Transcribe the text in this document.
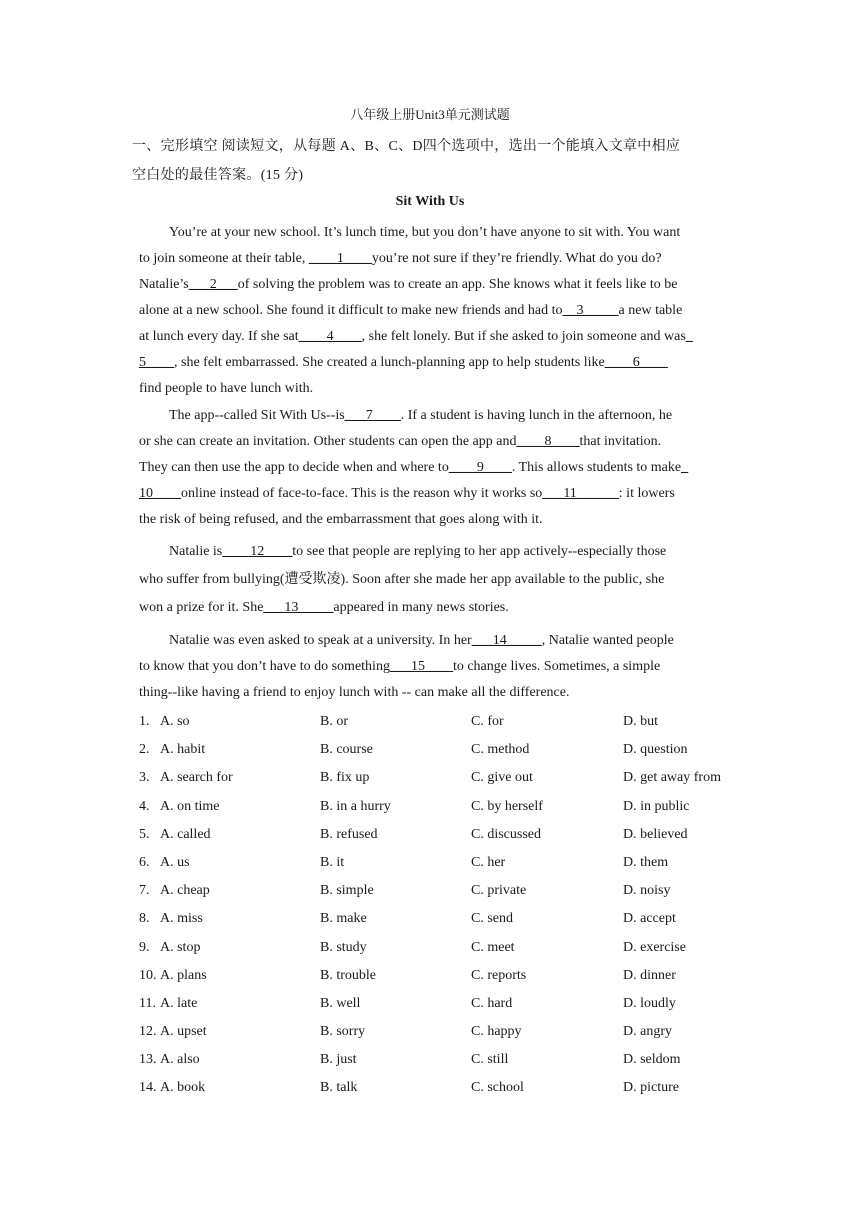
八年级上册Unit3单元测试题
一、完形填空 阅读短文，从每题 A、B、C、D四个选项中，选出一个能填入文章中相应
空白处的最佳答案。(15 分)
Sit With Us
You’re at your new school. It’s lunch time, but you don’t have anyone to sit with. You want
to join someone at their table, ____1____you’re not sure if they’re friendly. What do you do?
Natalie’s___2___of solving the problem was to create an app. She knows what it feels like to be
alone at a new school. She found it difficult to make new friends and had to__3_____a new table
at lunch every day. If she sat____4____, she felt lonely. But if she asked to join someone and was_
5____, she felt embarrassed. She created a lunch-planning app to help students like____6____
find people to have lunch with.
The app--called Sit With Us--is___7____. If a student is having lunch in the afternoon, he
or she can create an invitation. Other students can open the app and____8____that invitation.
They can then use the app to decide when and where to____9____. This allows students to make_
10____online instead of face-to-face. This is the reason why it works so___11______: it lowers
the risk of being refused, and the embarrassment that goes along with it.
Natalie is____12____to see that people are replying to her app actively--especially those
who suffer from bullying(遭受欺凌). Soon after she made her app available to the public, she
won a prize for it. She___13_____appeared in many news stories.
Natalie was even asked to speak at a university. In her___14_____, Natalie wanted people
to know that you don’t have to do something___15____to change lives. Sometimes, a simple
thing--like having a friend to enjoy lunch with -- can make all the difference.
1. A. so	B. or	C. for	D. but
2. A. habit	B. course	C. method	D. question
3. A. search for	B. fix up	C. give out	D. get away from
4. A. on time	B. in a hurry	C. by herself	D. in public
5. A. called	B. refused	C. discussed	D. believed
6. A. us	B. it	C. her	D. them
7. A. cheap	B. simple	C. private	D. noisy
8. A. miss	B. make	C. send	D. accept
9. A. stop	B. study	C. meet	D. exercise
10. A. plans	B. trouble	C. reports	D. dinner
11. A. late	B. well	C. hard	D. loudly
12. A. upset	B. sorry	C. happy	D. angry
13. A. also	B. just	C. still	D. seldom
14. A. book	B. talk	C. school	D. picture
